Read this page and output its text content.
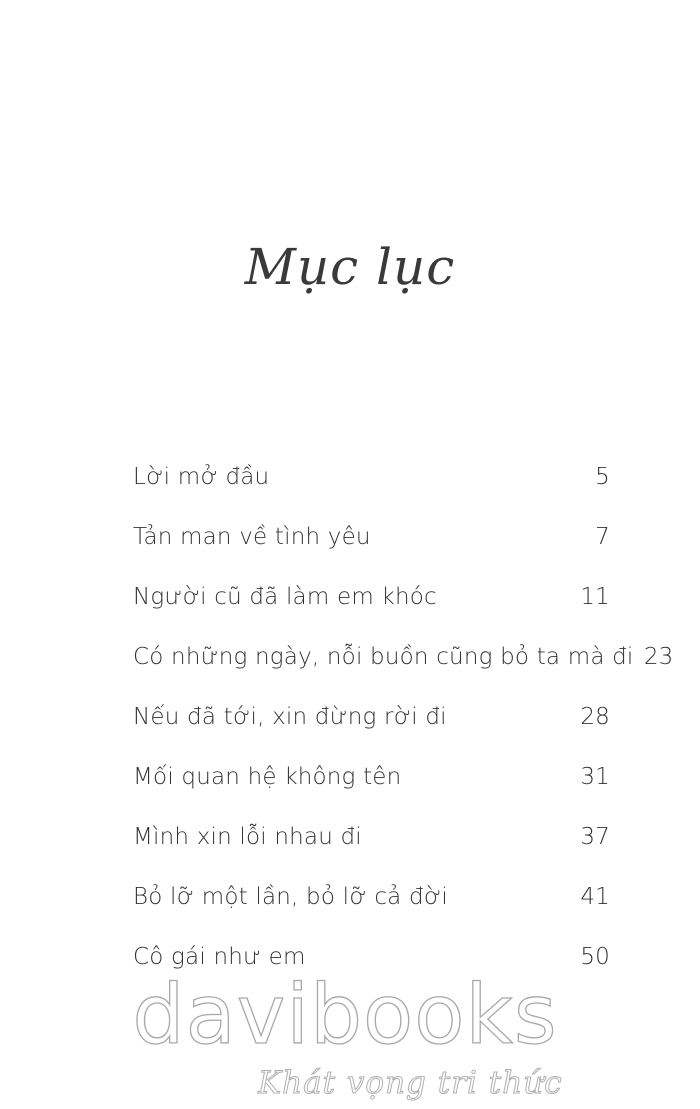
Mục lục
Lời mở đầu	5
Tản man về tình yêu	7
Người cũ đã làm em khóc	11
Có những ngày, nỗi buồn cũng bỏ ta mà đi 23
Nếu đã tới, xin đừng rời đi	28
Mối quan hệ không tên	31
Mình xin lỗi nhau đi	37
Bỏ lỡ một lần, bỏ lỡ cả đời	41
Cô gái như em	50
davibooks
Khát vọng tri thức
